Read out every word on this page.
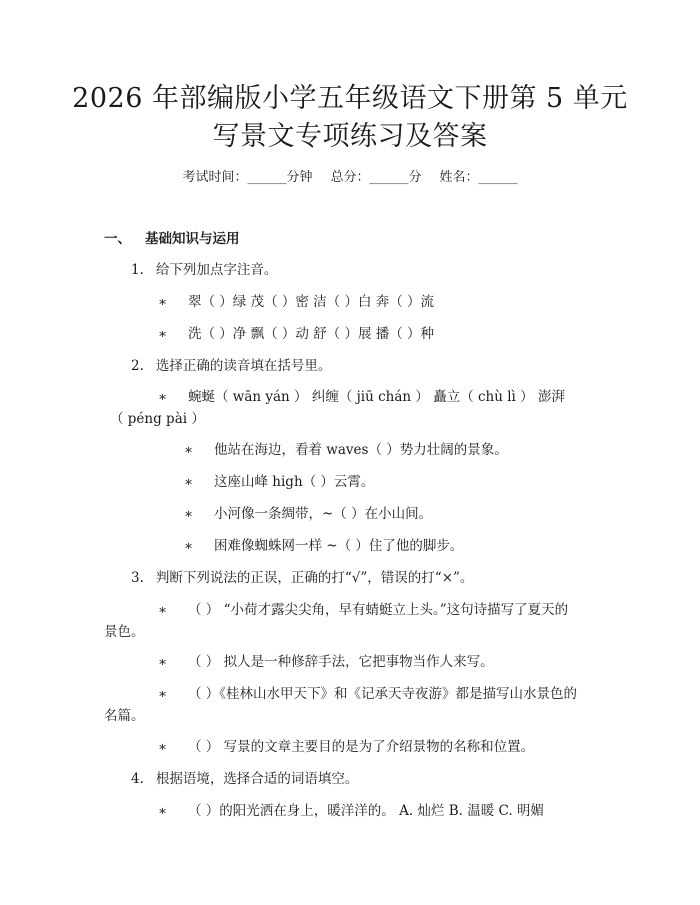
2026 年部编版小学五年级语文下册第 5 单元
写景文专项练习及答案
考试时间：______分钟 总分：______分 姓名：______
一、 基础知识与运用
1. 给下列加点字注音。
∗ 翠（ ）绿 茂（ ）密 洁（ ）白 奔（ ）流
∗ 洗（ ）净 飘（ ）动 舒（ ）展 播（ ）种
2. 选择正确的读音填在括号里。
∗ 蜿蜒（ wān yán ） 纠缠（ jiū chán ） 矗立（ chù lì ） 澎湃
（ péng pài ）
∗ 他站在海边，看着 waves（ ）势力壮阔的景象。
∗ 这座山峰 high（ ）云霄。
∗ 小河像一条绸带，~（ ）在小山间。
∗ 困难像蜘蛛网一样 ~（ ）住了他的脚步。
3. 判断下列说法的正误，正确的打“√”，错误的打“×”。
∗ （ ） “小荷才露尖尖角，早有蜻蜓立上头。”这句诗描写了夏天的
景色。
∗ （ ） 拟人是一种修辞手法，它把事物当作人来写。
∗ （ ）《桂林山水甲天下》和《记承天寺夜游》都是描写山水景色的
名篇。
∗ （ ） 写景的文章主要目的是为了介绍景物的名称和位置。
4. 根据语境，选择合适的词语填空。
∗ （ ）的阳光洒在身上，暖洋洋的。 A. 灿烂 B. 温暖 C. 明媚
